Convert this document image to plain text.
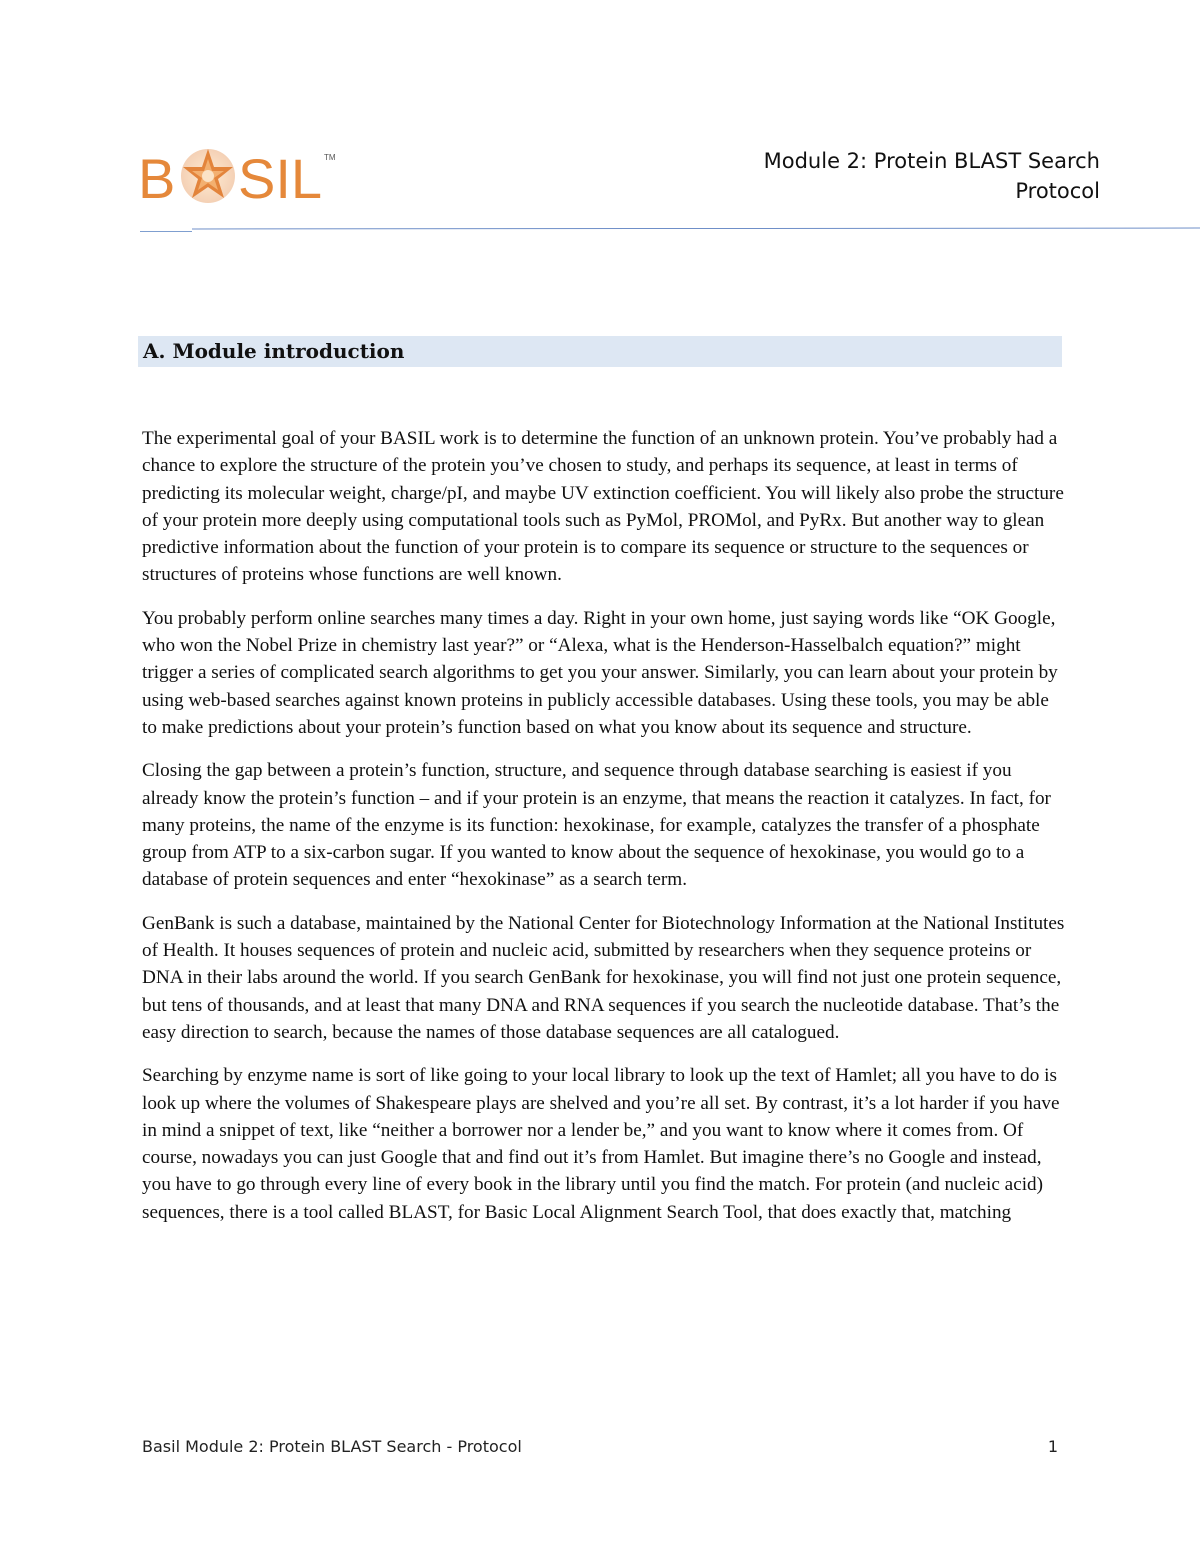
B SIL TM	Module 2: Protein BLAST Search
Protocol
A. Module introduction

The experimental goal of your BASIL work is to determine the function of an unknown protein. You’ve probably had a chance to explore the structure of the protein you’ve chosen to study, and perhaps its sequence, at least in terms of predicting its molecular weight, charge/pI, and maybe UV extinction coefficient. You will likely also probe the structure of your protein more deeply using computational tools such as PyMol, PROMol, and PyRx. But another way to glean predictive information about the function of your protein is to compare its sequence or structure to the sequences or structures of proteins whose functions are well known.

You probably perform online searches many times a day. Right in your own home, just saying words like “OK Google, who won the Nobel Prize in chemistry last year?” or “Alexa, what is the Henderson-Hasselbalch equation?” might trigger a series of complicated search algorithms to get you your answer. Similarly, you can learn about your protein by using web-based searches against known proteins in publicly accessible databases. Using these tools, you may be able to make predictions about your protein’s function based on what you know about its sequence and structure.

Closing the gap between a protein’s function, structure, and sequence through database searching is easiest if you already know the protein’s function – and if your protein is an enzyme, that means the reaction it catalyzes. In fact, for many proteins, the name of the enzyme is its function: hexokinase, for example, catalyzes the transfer of a phosphate group from ATP to a six-carbon sugar. If you wanted to know about the sequence of hexokinase, you would go to a database of protein sequences and enter “hexokinase” as a search term.

GenBank is such a database, maintained by the National Center for Biotechnology Information at the National Institutes of Health. It houses sequences of protein and nucleic acid, submitted by researchers when they sequence proteins or DNA in their labs around the world. If you search GenBank for hexokinase, you will find not just one protein sequence, but tens of thousands, and at least that many DNA and RNA sequences if you search the nucleotide database. That’s the easy direction to search, because the names of those database sequences are all catalogued.

Searching by enzyme name is sort of like going to your local library to look up the text of Hamlet; all you have to do is look up where the volumes of Shakespeare plays are shelved and you’re all set. By contrast, it’s a lot harder if you have in mind a snippet of text, like “neither a borrower nor a lender be,” and you want to know where it comes from. Of course, nowadays you can just Google that and find out it’s from Hamlet. But imagine there’s no Google and instead, you have to go through every line of every book in the library until you find the match. For protein (and nucleic acid) sequences, there is a tool called BLAST, for Basic Local Alignment Search Tool, that does exactly that, matching

Basil Module 2: Protein BLAST Search - Protocol	1
